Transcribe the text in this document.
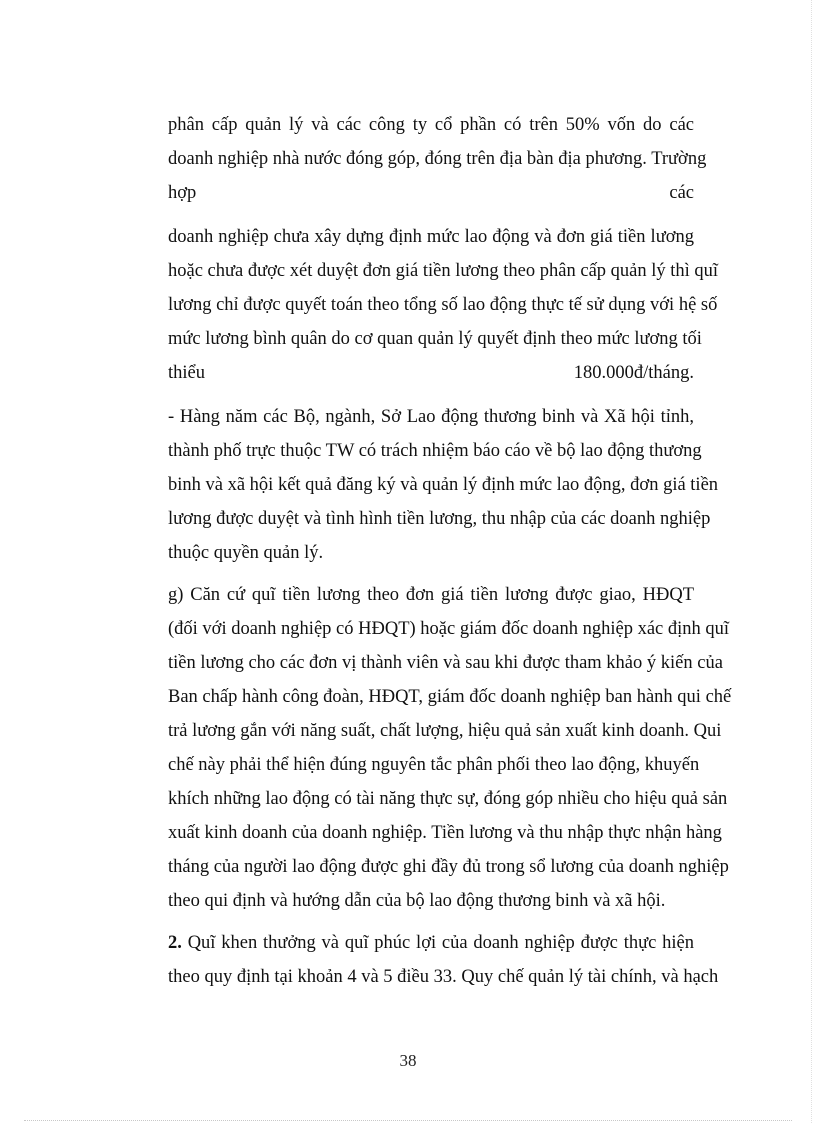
phân cấp quản lý và các công ty cổ phần có trên 50% vốn do các
doanh nghiệp nhà nước đóng góp, đóng trên địa bàn địa phương. Trường
hợp	các
doanh nghiệp chưa xây dựng định mức lao động và đơn giá tiền lương
hoặc chưa được xét duyệt đơn giá tiền lương theo phân cấp quản lý thì quĩ
lương chỉ được quyết toán theo tổng số lao động thực tế sử dụng với hệ số
mức lương bình quân do cơ quan quản lý quyết định theo mức lương tối
thiểu	180.000đ/tháng.
- Hàng năm các Bộ, ngành, Sở Lao động thương binh và Xã hội tỉnh,
thành phố trực thuộc TW có trách nhiệm báo cáo về bộ lao động thương
binh và xã hội kết quả đăng ký và quản lý định mức lao động, đơn giá tiền
lương được duyệt và tình hình tiền lương, thu nhập của các doanh nghiệp
thuộc quyền quản lý.
g) Căn cứ quĩ tiền lương theo đơn giá tiền lương được giao, HĐQT
(đối với doanh nghiệp có HĐQT) hoặc giám đốc doanh nghiệp xác định quĩ
tiền lương cho các đơn vị thành viên và sau khi được tham khảo ý kiến của
Ban chấp hành công đoàn, HĐQT, giám đốc doanh nghiệp ban hành qui chế
trả lương gắn với năng suất, chất lượng, hiệu quả sản xuất kinh doanh. Qui
chế này phải thể hiện đúng nguyên tắc phân phối theo lao động, khuyến
khích những lao động có tài năng thực sự, đóng góp nhiều cho hiệu quả sản
xuất kinh doanh của doanh nghiệp. Tiền lương và thu nhập thực nhận hàng
tháng của người lao động được ghi đầy đủ trong sổ lương của doanh nghiệp
theo qui định và hướng dẫn của bộ lao động thương binh và xã hội.
2. Quĩ khen thưởng và quĩ phúc lợi của doanh nghiệp được thực hiện
theo quy định tại khoản 4 và 5 điều 33. Quy chế quản lý tài chính, và hạch
38
